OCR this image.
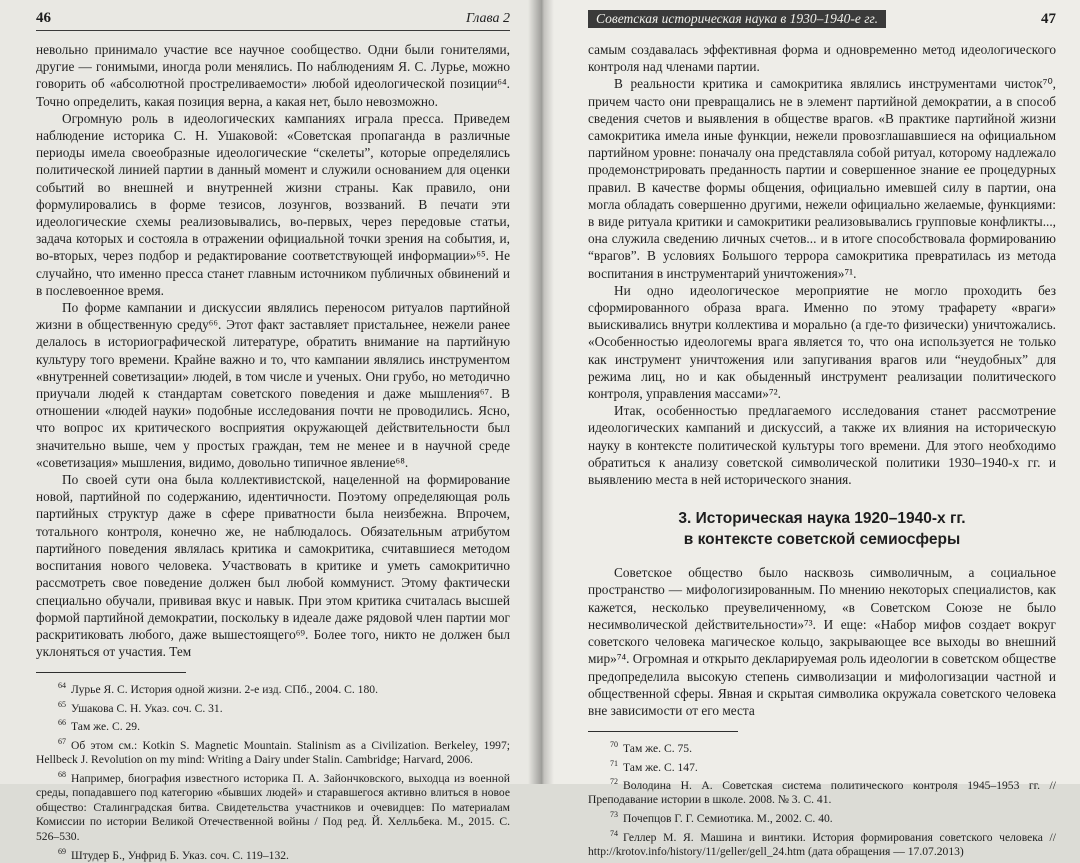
46	Глава 2

невольно принимало участие все научное сообщество. Одни были гонителями, другие — гонимыми, иногда роли менялись. По наблюдениям Я. С. Лурье, можно говорить об «абсолютной простреливаемости» любой идеологической позиции⁶⁴. Точно определить, какая позиция верна, а какая нет, было невозможно.

Огромную роль в идеологических кампаниях играла пресса. Приведем наблюдение историка С. Н. Ушаковой: «Советская пропаганда в различные периоды имела своеобразные идеологические “скелеты”, которые определялись политической линией партии в данный момент и служили основанием для оценки событий во внешней и внутренней жизни страны. Как правило, они формулировались в форме тезисов, лозунгов, воззваний. В печати эти идеологические схемы реализовывались, во-первых, через передовые статьи, задача которых и состояла в отражении официальной точки зрения на события, и, во-вторых, через подбор и редактирование соответствующей информации»⁶⁵. Не случайно, что именно пресса станет главным источником публичных обвинений и в послевоенное время.

По форме кампании и дискуссии являлись переносом ритуалов партийной жизни в общественную среду⁶⁶. Этот факт заставляет пристальнее, нежели ранее делалось в историографической литературе, обратить внимание на партийную культуру того времени. Крайне важно и то, что кампании являлись инструментом «внутренней советизации» людей, в том числе и ученых. Они грубо, но методично приучали людей к стандартам советского поведения и даже мышления⁶⁷. В отношении «людей науки» подобные исследования почти не проводились. Ясно, что вопрос их критического восприятия окружающей действительности был значительно выше, чем у простых граждан, тем не менее и в научной среде «советизация» мышления, видимо, довольно типичное явление⁶⁸.

По своей сути она была коллективистской, нацеленной на формирование новой, партийной по содержанию, идентичности. Поэтому определяющая роль партийных структур даже в сфере приватности была неизбежна. Впрочем, тотального контроля, конечно же, не наблюдалось. Обязательным атрибутом партийного поведения являлась критика и самокритика, считавшиеся методом воспитания нового человека. Участвовать в критике и уметь самокритично рассмотреть свое поведение должен был любой коммунист. Этому фактически специально обучали, прививая вкус и навык. При этом критика считалась высшей формой партийной демократии, поскольку в идеале даже рядовой член партии мог раскритиковать любого, даже вышестоящего⁶⁹. Более того, никто не должен был уклоняться от участия. Тем

$^{64}$ Лурье Я. С. История одной жизни. 2-е изд. СПб., 2004. С. 180.

$^{65}$ Ушакова С. Н. Указ. соч. С. 31.

$^{66}$ Там же. С. 29.

$^{67}$ Об этом см.: Kotkin S. Magnetic Mountain. Stalinism as a Civilization. Berkeley, 1997; Hellbeck J. Revolution on my mind: Writing a Dairy under Stalin. Cambridge; Harvard, 2006.

$^{68}$ Например, биография известного историка П. А. Зайончковского, выходца из военной среды, попадавшего под категорию «бывших людей» и старавшегося активно влиться в новое общество: Сталинградская битва. Свидетельства участников и очевидцев: По материалам Комиссии по истории Великой Отечественной войны / Под ред. Й. Хелльбека. М., 2015. С. 526–530.

$^{69}$ Штудер Б., Унфрид Б. Указ. соч. С. 119–132.

Советская историческая наука в 1930–1940-е гг.	47

самым создавалась эффективная форма и одновременно метод идеологического контроля над членами партии.

В реальности критика и самокритика являлись инструментами чисток⁷⁰, причем часто они превращались не в элемент партийной демократии, а в способ сведения счетов и выявления в обществе врагов. «В практике партийной жизни самокритика имела иные функции, нежели провозглашавшиеся на официальном партийном уровне: поначалу она представляла собой ритуал, которому надлежало продемонстрировать преданность партии и совершенное знание ее процедурных правил. В качестве формы общения, официально имевшей силу в партии, она могла обладать совершенно другими, нежели официально желаемые, функциями: в виде ритуала критики и самокритики реализовывались групповые конфликты..., она служила сведению личных счетов... и в итоге способствовала формированию “врагов”. В условиях Большого террора самокритика превратилась из метода воспитания в инструментарий уничтожения»⁷¹.

Ни одно идеологическое мероприятие не могло проходить без сформированного образа врага. Именно по этому трафарету «враги» выискивались внутри коллектива и морально (а где-то физически) уничтожались. «Особенностью идеологемы врага является то, что она используется не только как инструмент уничтожения или запугивания врагов или “неудобных” для режима лиц, но и как обыденный инструмент реализации политического контроля, управления массами»⁷².

Итак, особенностью предлагаемого исследования станет рассмотрение идеологических кампаний и дискуссий, а также их влияния на историческую науку в контексте политической культуры того времени. Для этого необходимо обратиться к анализу советской символической политики 1930–1940-х гг. и выявлению места в ней исторического знания.

3. Историческая наука 1920–1940-х гг.
в контексте советской семиосферы

Советское общество было насквозь символичным, а социальное пространство — мифологизированным. По мнению некоторых специалистов, как кажется, несколько преувеличенному, «в Советском Союзе не было несимволической действительности»⁷³. И еще: «Набор мифов создает вокруг советского человека магическое кольцо, закрывающее все выходы во внешний мир»⁷⁴. Огромная и открыто декларируемая роль идеологии в советском обществе предопределила высокую степень символизации и мифологизации частной и общественной сферы. Явная и скрытая символика окружала советского человека вне зависимости от его места

$^{70}$ Там же. С. 75.

$^{71}$ Там же. С. 147.

$^{72}$ Володина Н. А. Советская система политического контроля 1945–1953 гг. // Преподавание истории в школе. 2008. № 3. С. 41.

$^{73}$ Почепцов Г. Г. Семиотика. М., 2002. С. 40.

$^{74}$ Геллер М. Я. Машина и винтики. История формирования советского человека // http://krotov.info/history/11/geller/gell_24.htm (дата обращения — 17.07.2013)
